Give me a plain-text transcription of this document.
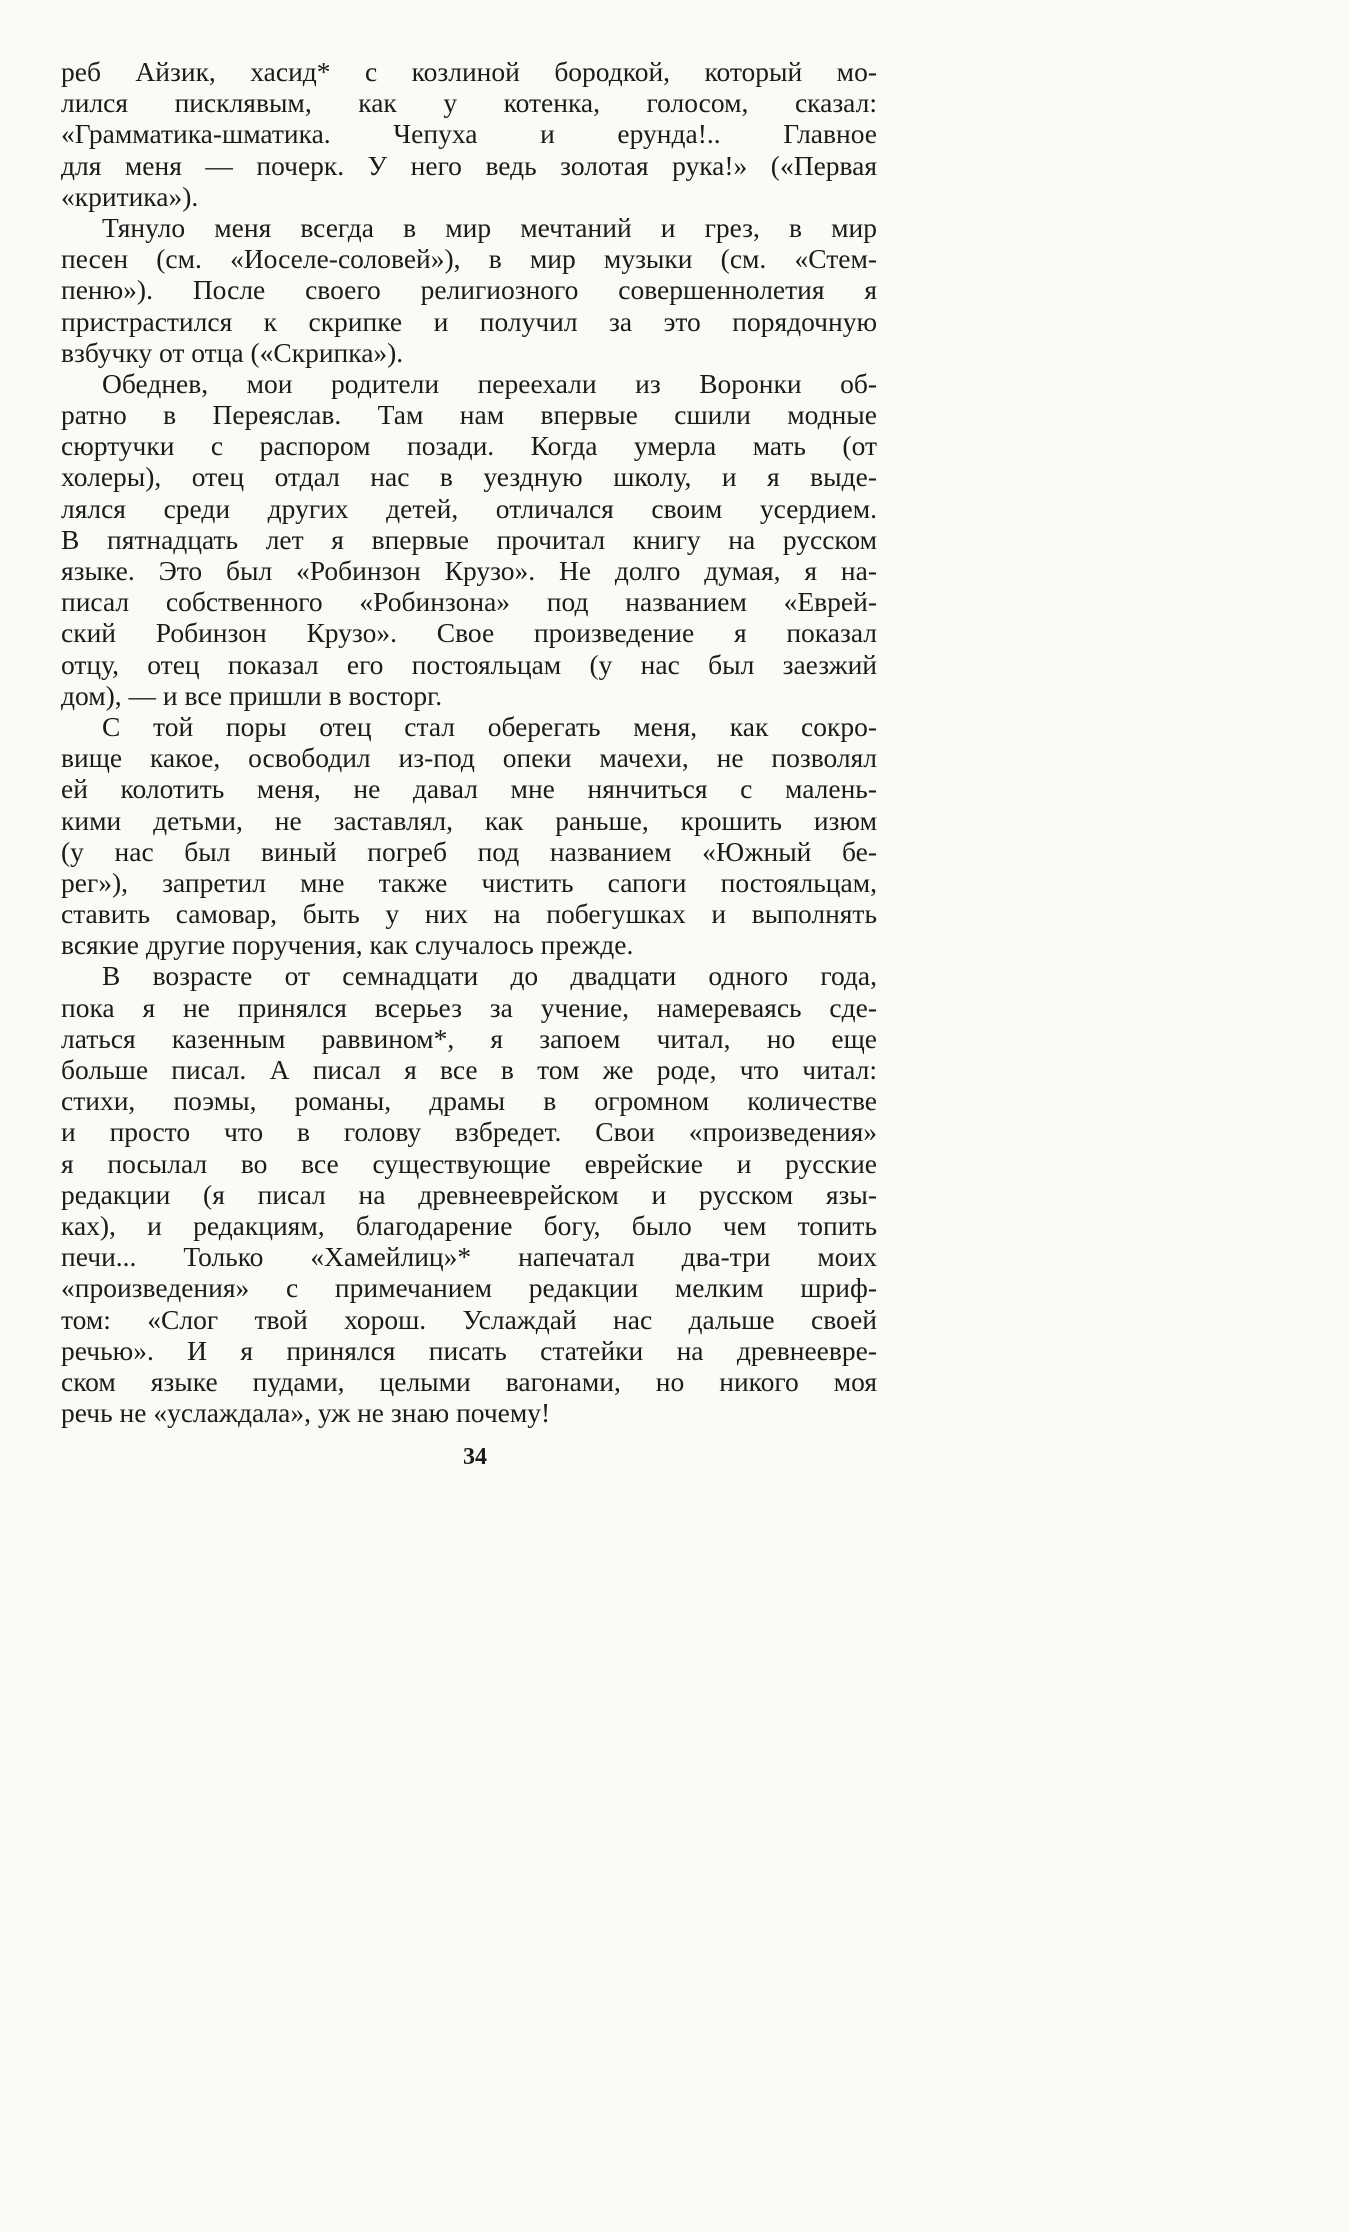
реб Айзик, хасид* с козлиной бородкой, который мо-
лился писклявым, как у котенка, голосом, сказал:
«Грамматика-шматика. Чепуха и ерунда!.. Главное
для меня — почерк. У него ведь золотая рука!» («Первая
«критика»).
Тянуло меня всегда в мир мечтаний и грез, в мир
песен (см. «Иоселе-соловей»), в мир музыки (см. «Стем-
пеню»). После своего религиозного совершеннолетия я
пристрастился к скрипке и получил за это порядочную
взбучку от отца («Скрипка»).
Обеднев, мои родители переехали из Воронки об-
ратно в Переяслав. Там нам впервые сшили модные
сюртучки с распором позади. Когда умерла мать (от
холеры), отец отдал нас в уездную школу, и я выде-
лялся среди других детей, отличался своим усердием.
В пятнадцать лет я впервые прочитал книгу на русском
языке. Это был «Робинзон Крузо». Не долго думая, я на-
писал собственного «Робинзона» под названием «Еврей-
ский Робинзон Крузо». Свое произведение я показал
отцу, отец показал его постояльцам (у нас был заезжий
дом), — и все пришли в восторг.
С той поры отец стал оберегать меня, как сокро-
вище какое, освободил из-под опеки мачехи, не позволял
ей колотить меня, не давал мне нянчиться с малень-
кими детьми, не заставлял, как раньше, крошить изюм
(у нас был виный погреб под названием «Южный бе-
рег»), запретил мне также чистить сапоги постояльцам,
ставить самовар, быть у них на побегушках и выполнять
всякие другие поручения, как случалось прежде.
В возрасте от семнадцати до двадцати одного года,
пока я не принялся всерьез за учение, намереваясь сде-
латься казенным раввином*, я запоем читал, но еще
больше писал. А писал я все в том же роде, что читал:
стихи, поэмы, романы, драмы в огромном количестве
и просто что в голову взбредет. Свои «произведения»
я посылал во все существующие еврейские и русские
редакции (я писал на древнееврейском и русском язы-
ках), и редакциям, благодарение богу, было чем топить
печи... Только «Хамейлиц»* напечатал два-три моих
«произведения» с примечанием редакции мелким шриф-
том: «Слог твой хорош. Услаждай нас дальше своей
речью». И я принялся писать статейки на древнеевре-
ском языке пудами, целыми вагонами, но никого моя
речь не «услаждала», уж не знаю почему!
34
